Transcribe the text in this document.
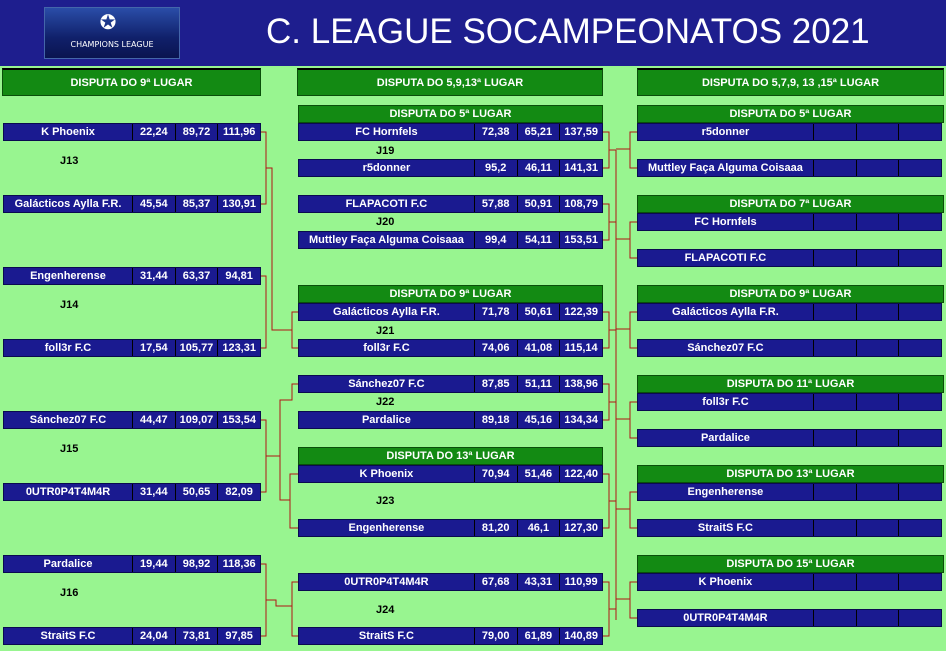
✪
CHAMPIONS LEAGUE	C. LEAGUE SOCAMPEONATOS 2021
DISPUTA DO 9ª LUGAR	DISPUTA DO 5,9,13ª LUGAR	DISPUTA DO 5,7,9, 13 ,15ª LUGAR
K Phoenix	22,24	89,72	111,96
Galácticos Aylla F.R.	45,54	85,37	130,91
J13
Engenherense	31,44	63,37	94,81
foll3r F.C	17,54	105,77 123,31
J14
Sánchez07 F.C	44,47	109,07 153,54
0UTR0P4T4M4R	31,44	50,65	82,09
J15
Pardalice	19,44	98,92	118,36
StraitS F.C	24,04	73,81	97,85
J16
DISPUTA DO 5ª LUGAR
FC Hornfels	72,38	65,21	137,59
r5donner	95,2	46,11	141,31
J19
FLAPACOTI F.C	57,88	50,91	108,79
Muttley Faça Alguma Coisaaa	99,4	54,11	153,51
J20
DISPUTA DO 9ª LUGAR
Galácticos Aylla F.R.	71,78	50,61	122,39
foll3r F.C	74,06	41,08	115,14
J21
Sánchez07 F.C	87,85	51,11	138,96
Pardalice	89,18	45,16	134,34
J22
DISPUTA DO 13ª LUGAR
K Phoenix	70,94	51,46	122,40
Engenherense	81,20	46,1	127,30
J23
0UTR0P4T4M4R	67,68	43,31	110,99
StraitS F.C	79,00	61,89	140,89
J24
DISPUTA DO 5ª LUGAR
r5donner
Muttley Faça Alguma Coisaaa
DISPUTA DO 7ª LUGAR
FC Hornfels
FLAPACOTI F.C
DISPUTA DO 9ª LUGAR
Galácticos Aylla F.R.
Sánchez07 F.C
DISPUTA DO 11ª LUGAR
foll3r F.C
Pardalice
DISPUTA DO 13ª LUGAR
Engenherense
StraitS F.C
DISPUTA DO 15ª LUGAR
K Phoenix
0UTR0P4T4M4R
